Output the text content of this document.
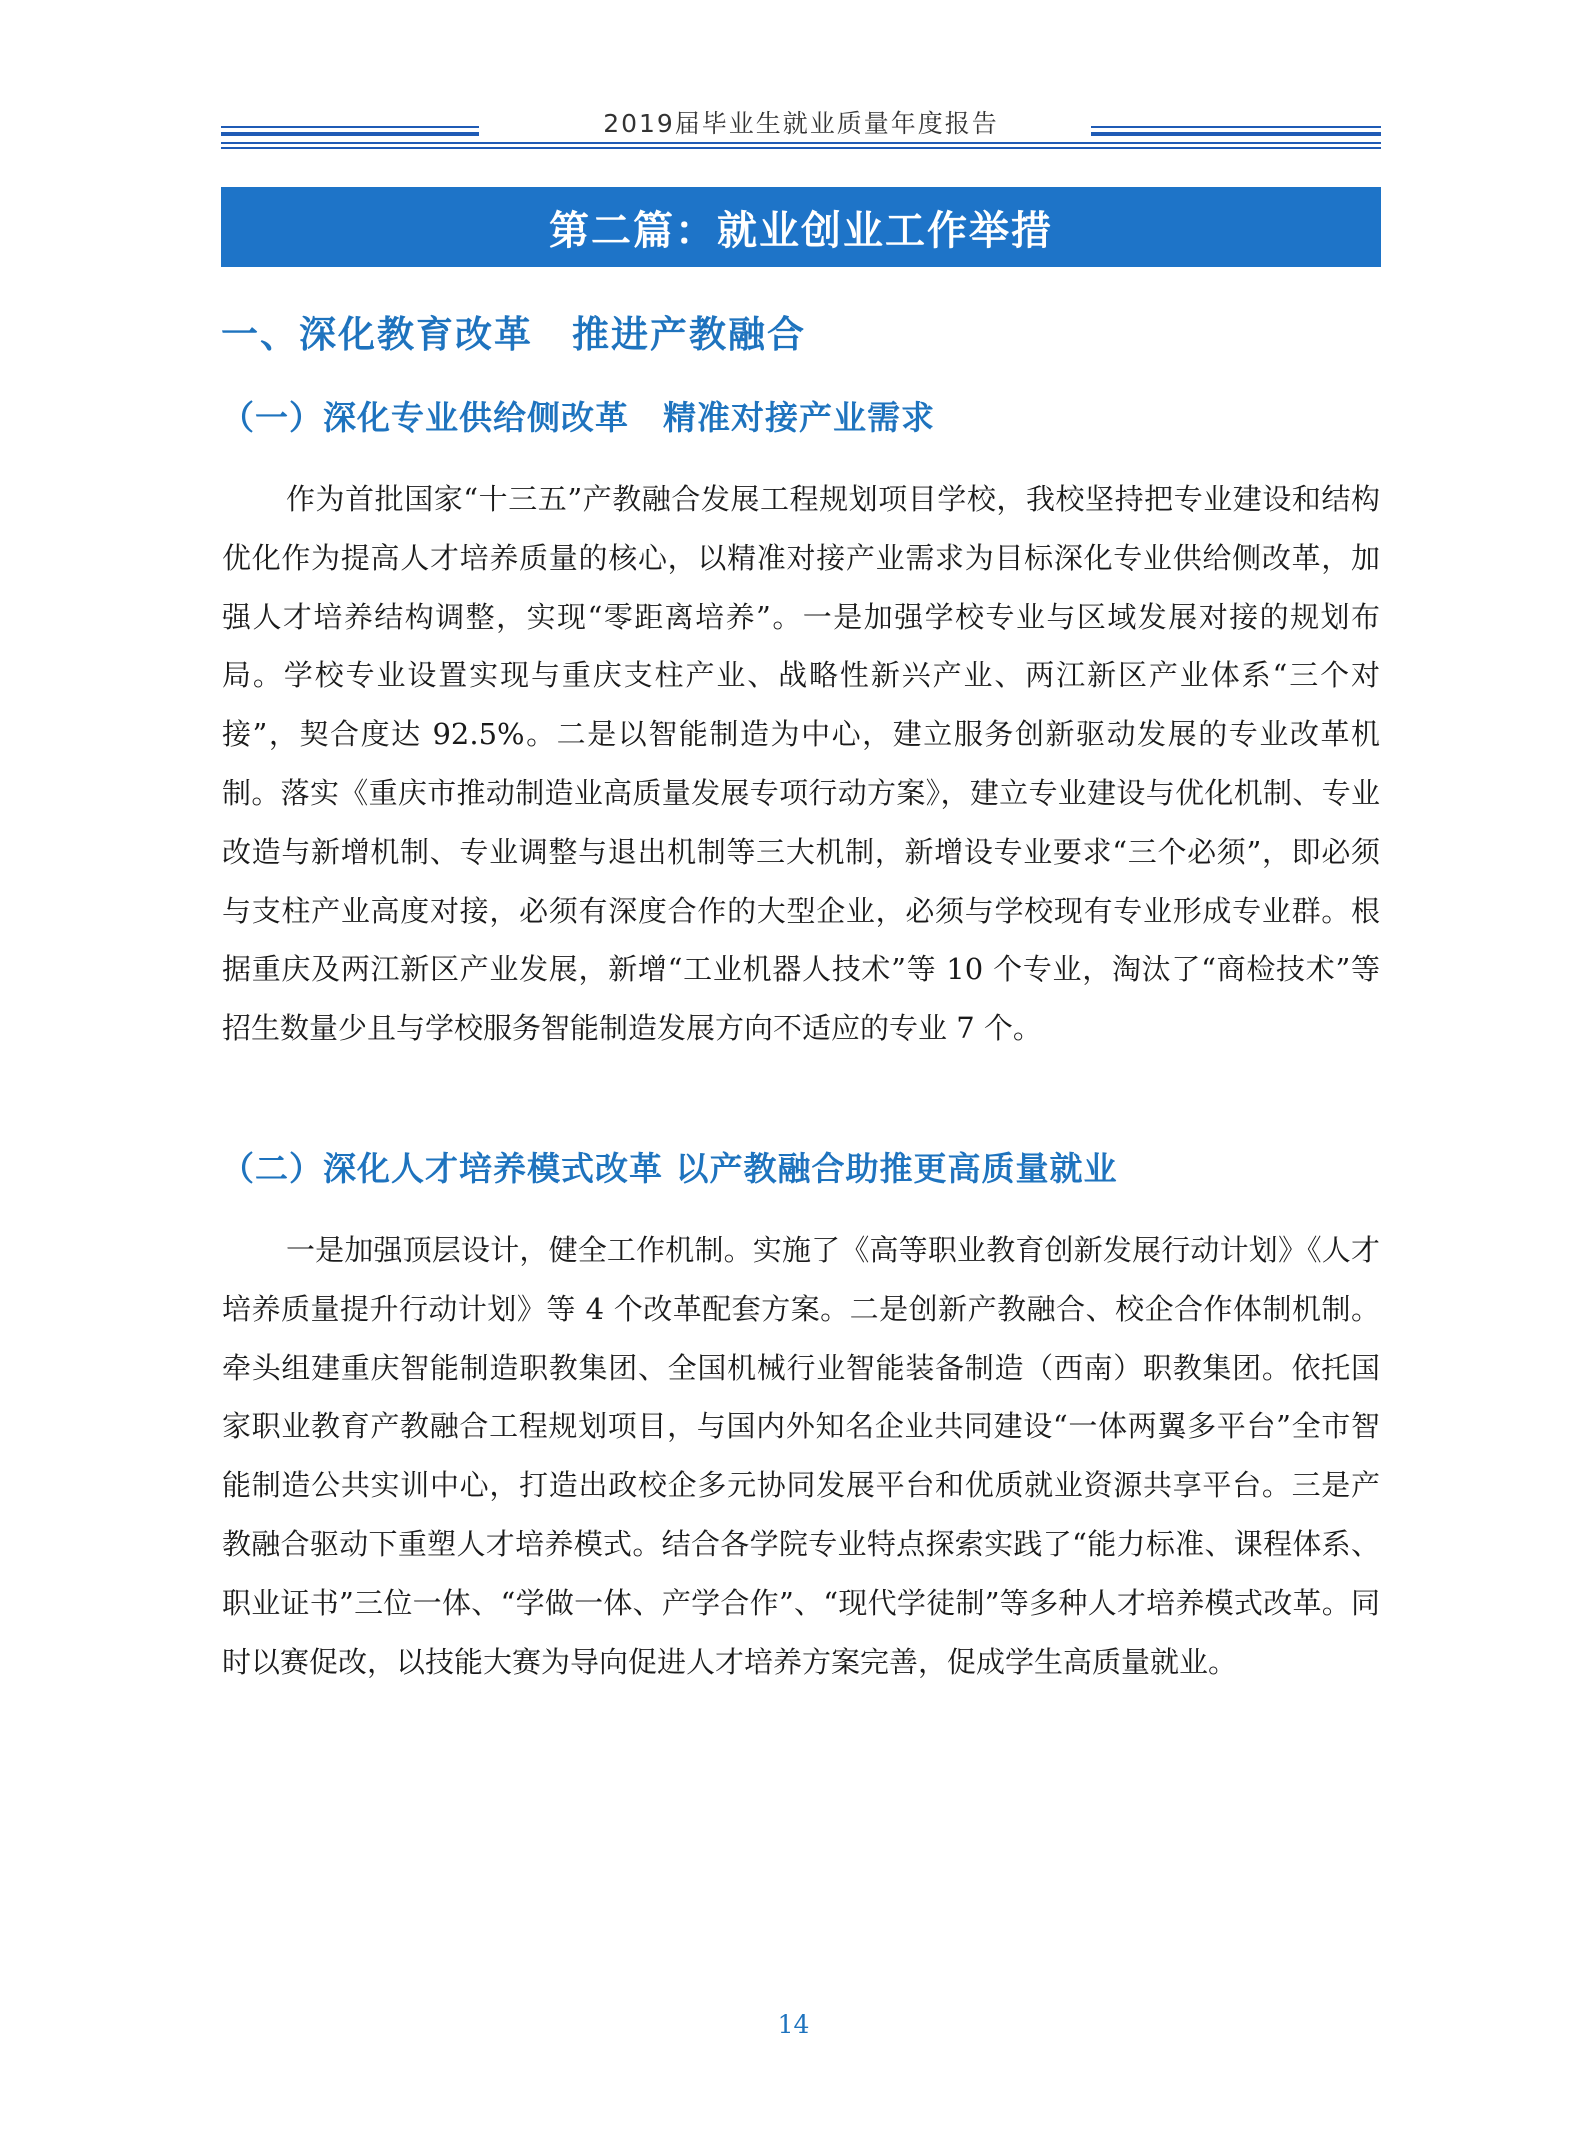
2019届毕业生就业质量年度报告
第二篇：就业创业工作举措
一、深化教育改革　推进产教融合
（一）深化专业供给侧改革　精准对接产业需求

作为首批国家“十三五”产教融合发展工程规划项目学校，我校坚持把专业建设和结构优化作为提高人才培养质量的核心，以精准对接产业需求为目标深化专业供给侧改革，加强人才培养结构调整，实现“零距离培养”。一是加强学校专业与区域发展对接的规划布局。学校专业设置实现与重庆支柱产业、战略性新兴产业、两江新区产业体系“三个对接”，契合度达 92.5%。二是以智能制造为中心，建立服务创新驱动发展的专业改革机制。落实《重庆市推动制造业高质量发展专项行动方案》，建立专业建设与优化机制、专业改造与新增机制、专业调整与退出机制等三大机制，新增设专业要求“三个必须”，即必须与支柱产业高度对接，必须有深度合作的大型企业，必须与学校现有专业形成专业群。根据重庆及两江新区产业发展，新增“工业机器人技术”等 10 个专业，淘汰了“商检技术”等招生数量少且与学校服务智能制造发展方向不适应的专业 7 个。

（二）深化人才培养模式改革 以产教融合助推更高质量就业

一是加强顶层设计，健全工作机制。实施了《高等职业教育创新发展行动计划》《人才培养质量提升行动计划》等 4 个改革配套方案。二是创新产教融合、校企合作体制机制。牵头组建重庆智能制造职教集团、全国机械行业智能装备制造（西南）职教集团。依托国家职业教育产教融合工程规划项目，与国内外知名企业共同建设“一体两翼多平台”全市智能制造公共实训中心，打造出政校企多元协同发展平台和优质就业资源共享平台。三是产教融合驱动下重塑人才培养模式。结合各学院专业特点探索实践了“能力标准、课程体系、职业证书”三位一体、“学做一体、产学合作”、“现代学徒制”等多种人才培养模式改革。同时以赛促改，以技能大赛为导向促进人才培养方案完善，促成学生高质量就业。

14
